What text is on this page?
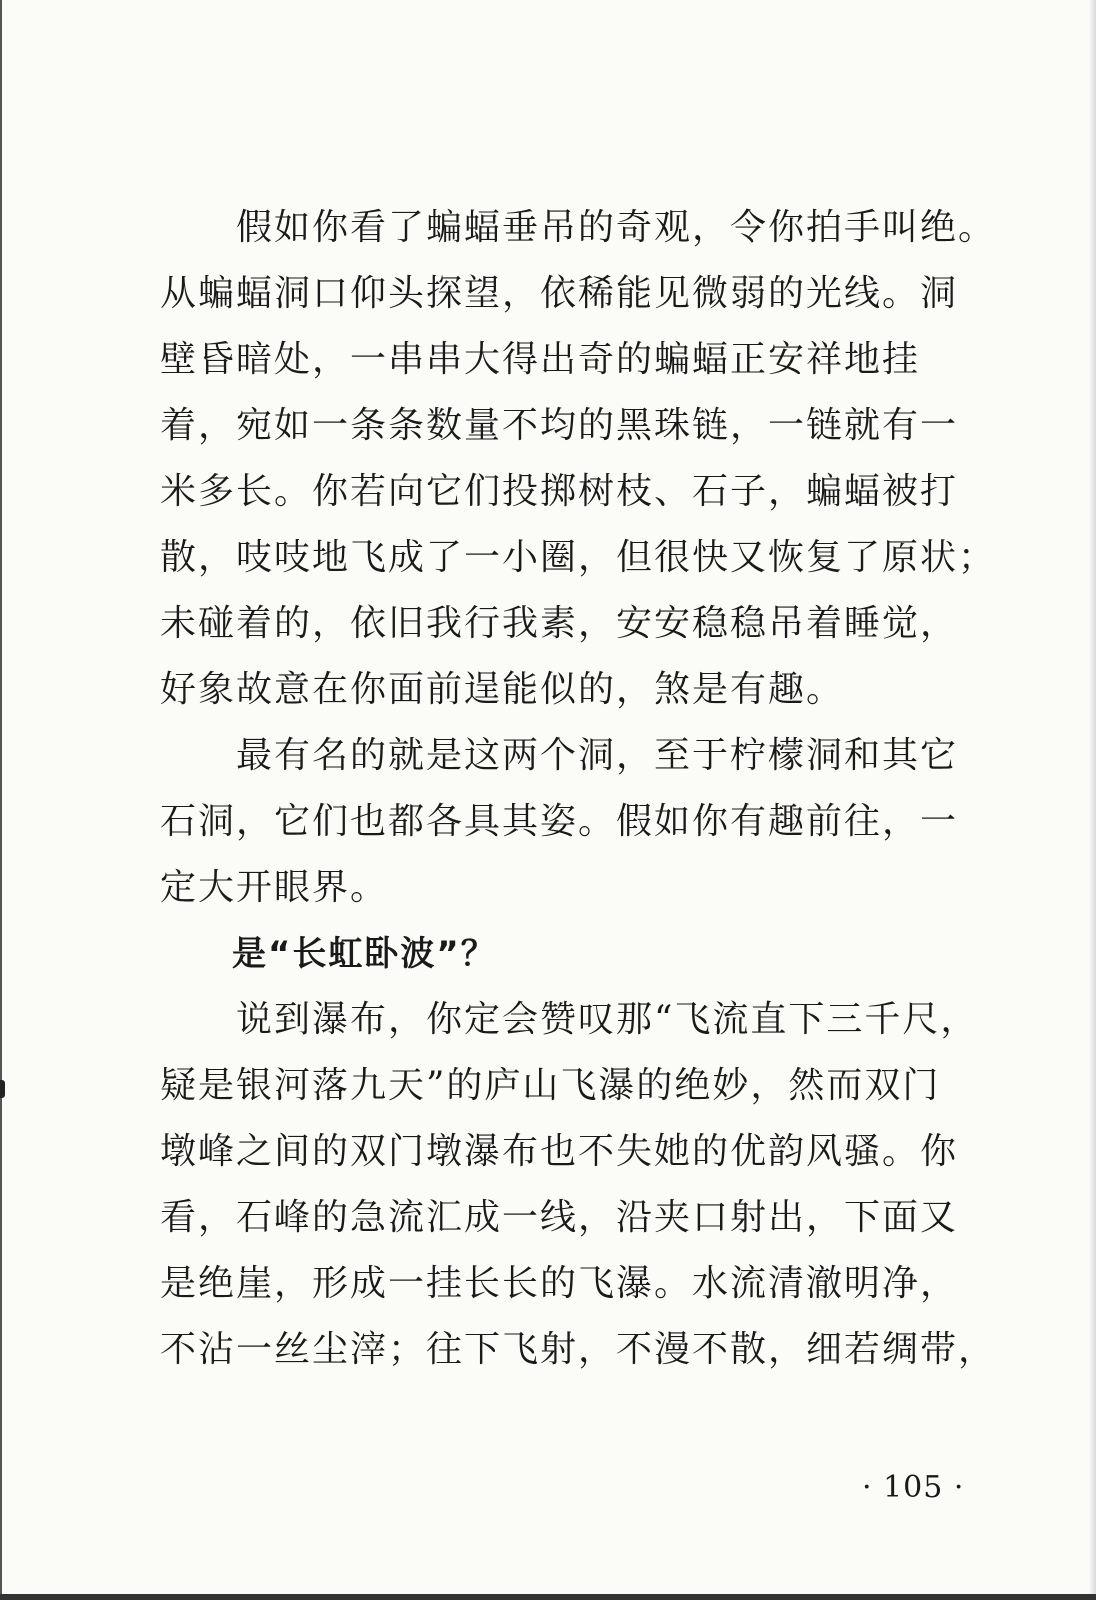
　　假如你看了蝙蝠垂吊的奇观，令你拍手叫绝。
从蝙蝠洞口仰头探望，依稀能见微弱的光线。洞
壁昏暗处，一串串大得出奇的蝙蝠正安祥地挂
着，宛如一条条数量不均的黑珠链，一链就有一
米多长。你若向它们投掷树枝、石子，蝙蝠被打
散，吱吱地飞成了一小圈，但很快又恢复了原状；
未碰着的，依旧我行我素，安安稳稳吊着睡觉，
好象故意在你面前逞能似的，煞是有趣。
　　最有名的就是这两个洞，至于柠檬洞和其它
石洞，它们也都各具其姿。假如你有趣前往，一
定大开眼界。
　　是“长虹卧波”？
　　说到瀑布，你定会赞叹那“飞流直下三千尺，
疑是银河落九天”的庐山飞瀑的绝妙，然而双门
墩峰之间的双门墩瀑布也不失她的优韵风骚。你
看，石峰的急流汇成一线，沿夹口射出，下面又
是绝崖，形成一挂长长的飞瀑。水流清澈明净，
不沾一丝尘滓；往下飞射，不漫不散，细若绸带，
· 105 ·
